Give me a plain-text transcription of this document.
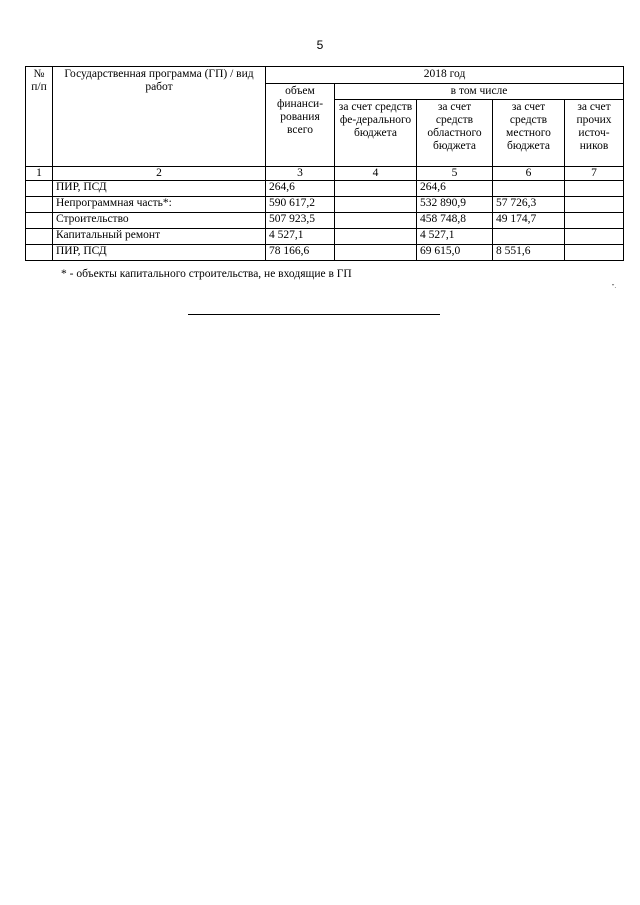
5
№ п/п	Государственная программа (ГП) / вид работ	2018 год				
		объем финанси-рования всего	в том числе			
			за счет средств фе-дерального бюджета	за счет средств областного бюджета	за счет средств местного бюджета	за счет прочих источ-ников
1	2	3	4	5	6	7
	ПИР, ПСД	264,6		264,6		
	Непрограммная часть*:	590 617,2		532 890,9	57 726,3	
	Строительство	507 923,5		458 748,8	49 174,7	
	Капитальный ремонт	4 527,1		4 527,1		
	ПИР, ПСД	78 166,6		69 615,0	8 551,6	
* - объекты капитального строительства, не входящие в ГП
".
